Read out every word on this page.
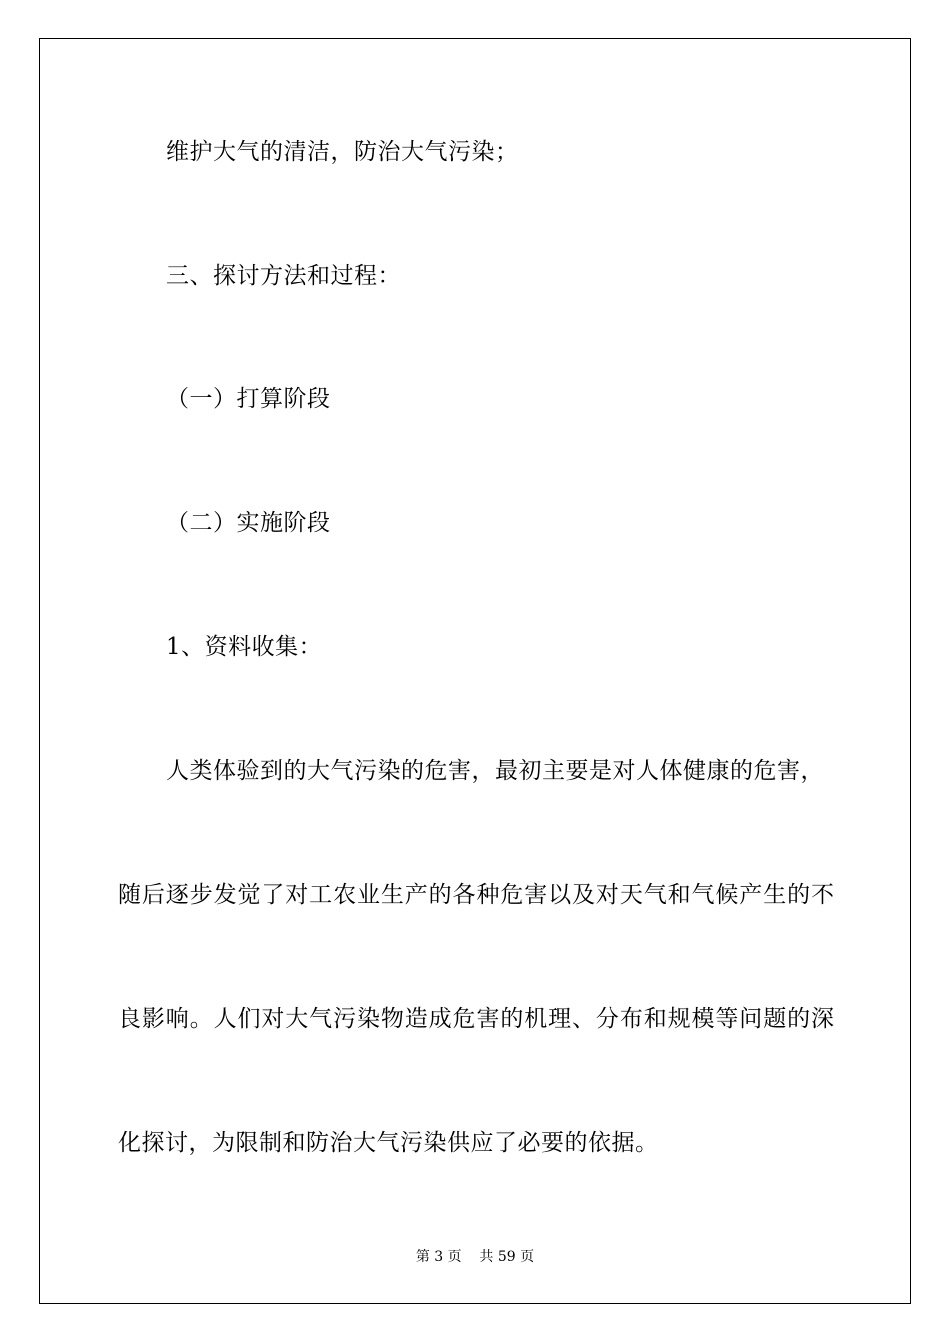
维护大气的清洁，防治大气污染；
三、探讨方法和过程：
（一）打算阶段
（二）实施阶段
1、资料收集：
人类体验到的大气污染的危害，最初主要是对人体健康的危害，
随后逐步发觉了对工农业生产的各种危害以及对天气和气候产生的不
良影响。人们对大气污染物造成危害的机理、分布和规模等问题的深
化探讨，为限制和防治大气污染供应了必要的依据。
第 3 页    共 59 页
